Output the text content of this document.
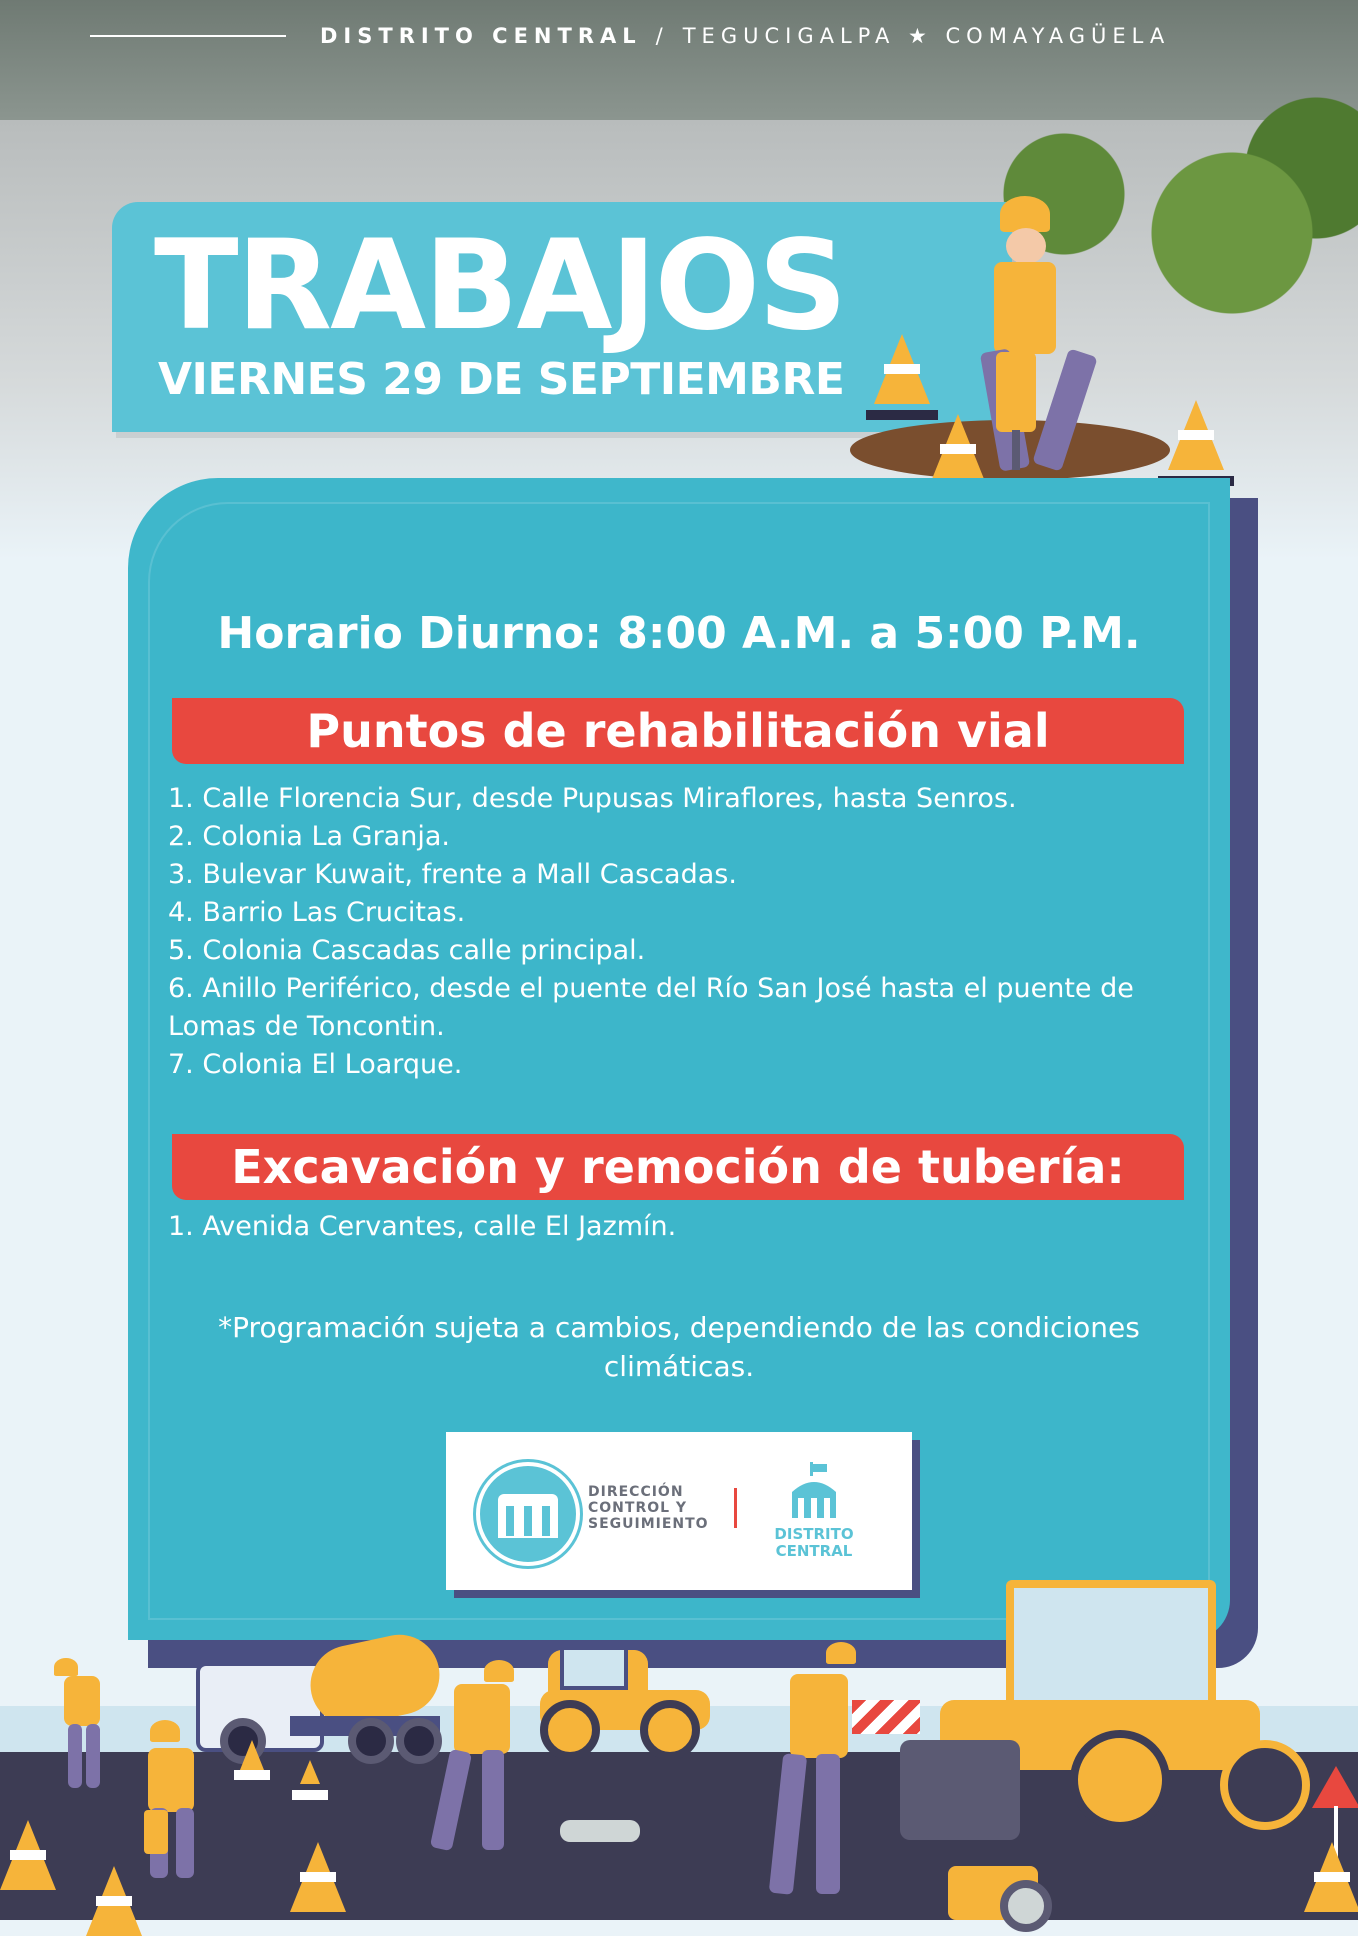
DISTRITO CENTRAL / TEGUCIGALPA ★ COMAYAGÜELA
TRABAJOS
VIERNES 29 DE SEPTIEMBRE
Horario Diurno: 8:00 A.M. a 5:00 P.M.
Puntos de rehabilitación vial
1. Calle Florencia Sur, desde Pupusas Miraflores, hasta Senros.
2. Colonia La Granja.
3. Bulevar Kuwait, frente a Mall Cascadas.
4. Barrio Las Crucitas.
5. Colonia Cascadas calle principal.
6. Anillo Periférico, desde el puente del Río San José hasta el puente de Lomas de Toncontin.
7. Colonia El Loarque.
Excavación y remoción de tubería:
1. Avenida Cervantes, calle El Jazmín.
*Programación sujeta a cambios, dependiendo de las condiciones climáticas.
DIRECCIÓN
CONTROL Y
SEGUIMIENTO
DISTRITO
CENTRAL
